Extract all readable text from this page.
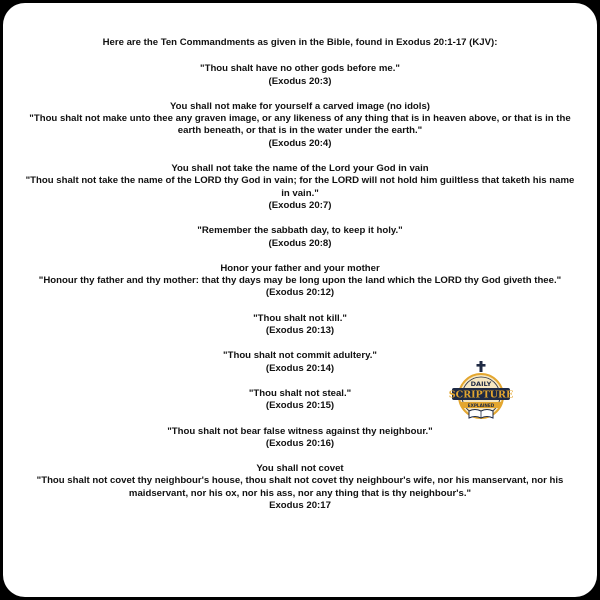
Here are the Ten Commandments as given in the Bible, found in Exodus 20:1-17 (KJV):

"Thou shalt have no other gods before me."

(Exodus 20:3)

You shall not make for yourself a carved image (no idols)

"Thou shalt not make unto thee any graven image, or any likeness of any thing that is in heaven above, or that is in the earth beneath, or that is in the water under the earth."

(Exodus 20:4)

You shall not take the name of the Lord your God in vain

"Thou shalt not take the name of the LORD thy God in vain; for the LORD will not hold him guiltless that taketh his name in vain."

(Exodus 20:7)

"Remember the sabbath day, to keep it holy."

(Exodus 20:8)

Honor your father and your mother

"Honour thy father and thy mother: that thy days may be long upon the land which the LORD thy God giveth thee."

(Exodus 20:12)

"Thou shalt not kill."

(Exodus 20:13)

"Thou shalt not commit adultery."

(Exodus 20:14)

"Thou shalt not steal."

(Exodus 20:15)

"Thou shalt not bear false witness against thy neighbour."

(Exodus 20:16)

You shall not covet

"Thou shalt not covet thy neighbour's house, thou shalt not covet thy neighbour's wife, nor his manservant, nor his maidservant, nor his ox, nor his ass, nor any thing that is thy neighbour's."

Exodus 20:17

DAILY
SCRIPTURE
EXPLAINED
